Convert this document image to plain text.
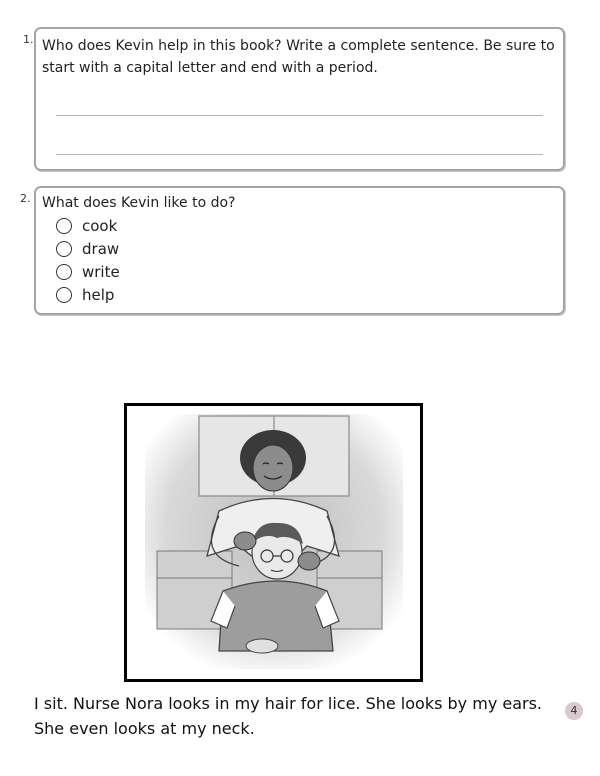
1. Who does Kevin help in this book? Write a complete sentence. Be sure to start with a capital letter and end with a period.
2. What does Kevin like to do?
cook
draw
write
help
I sit. Nurse Nora looks in my hair for lice. She looks by my ears.
She even looks at my neck.
4
